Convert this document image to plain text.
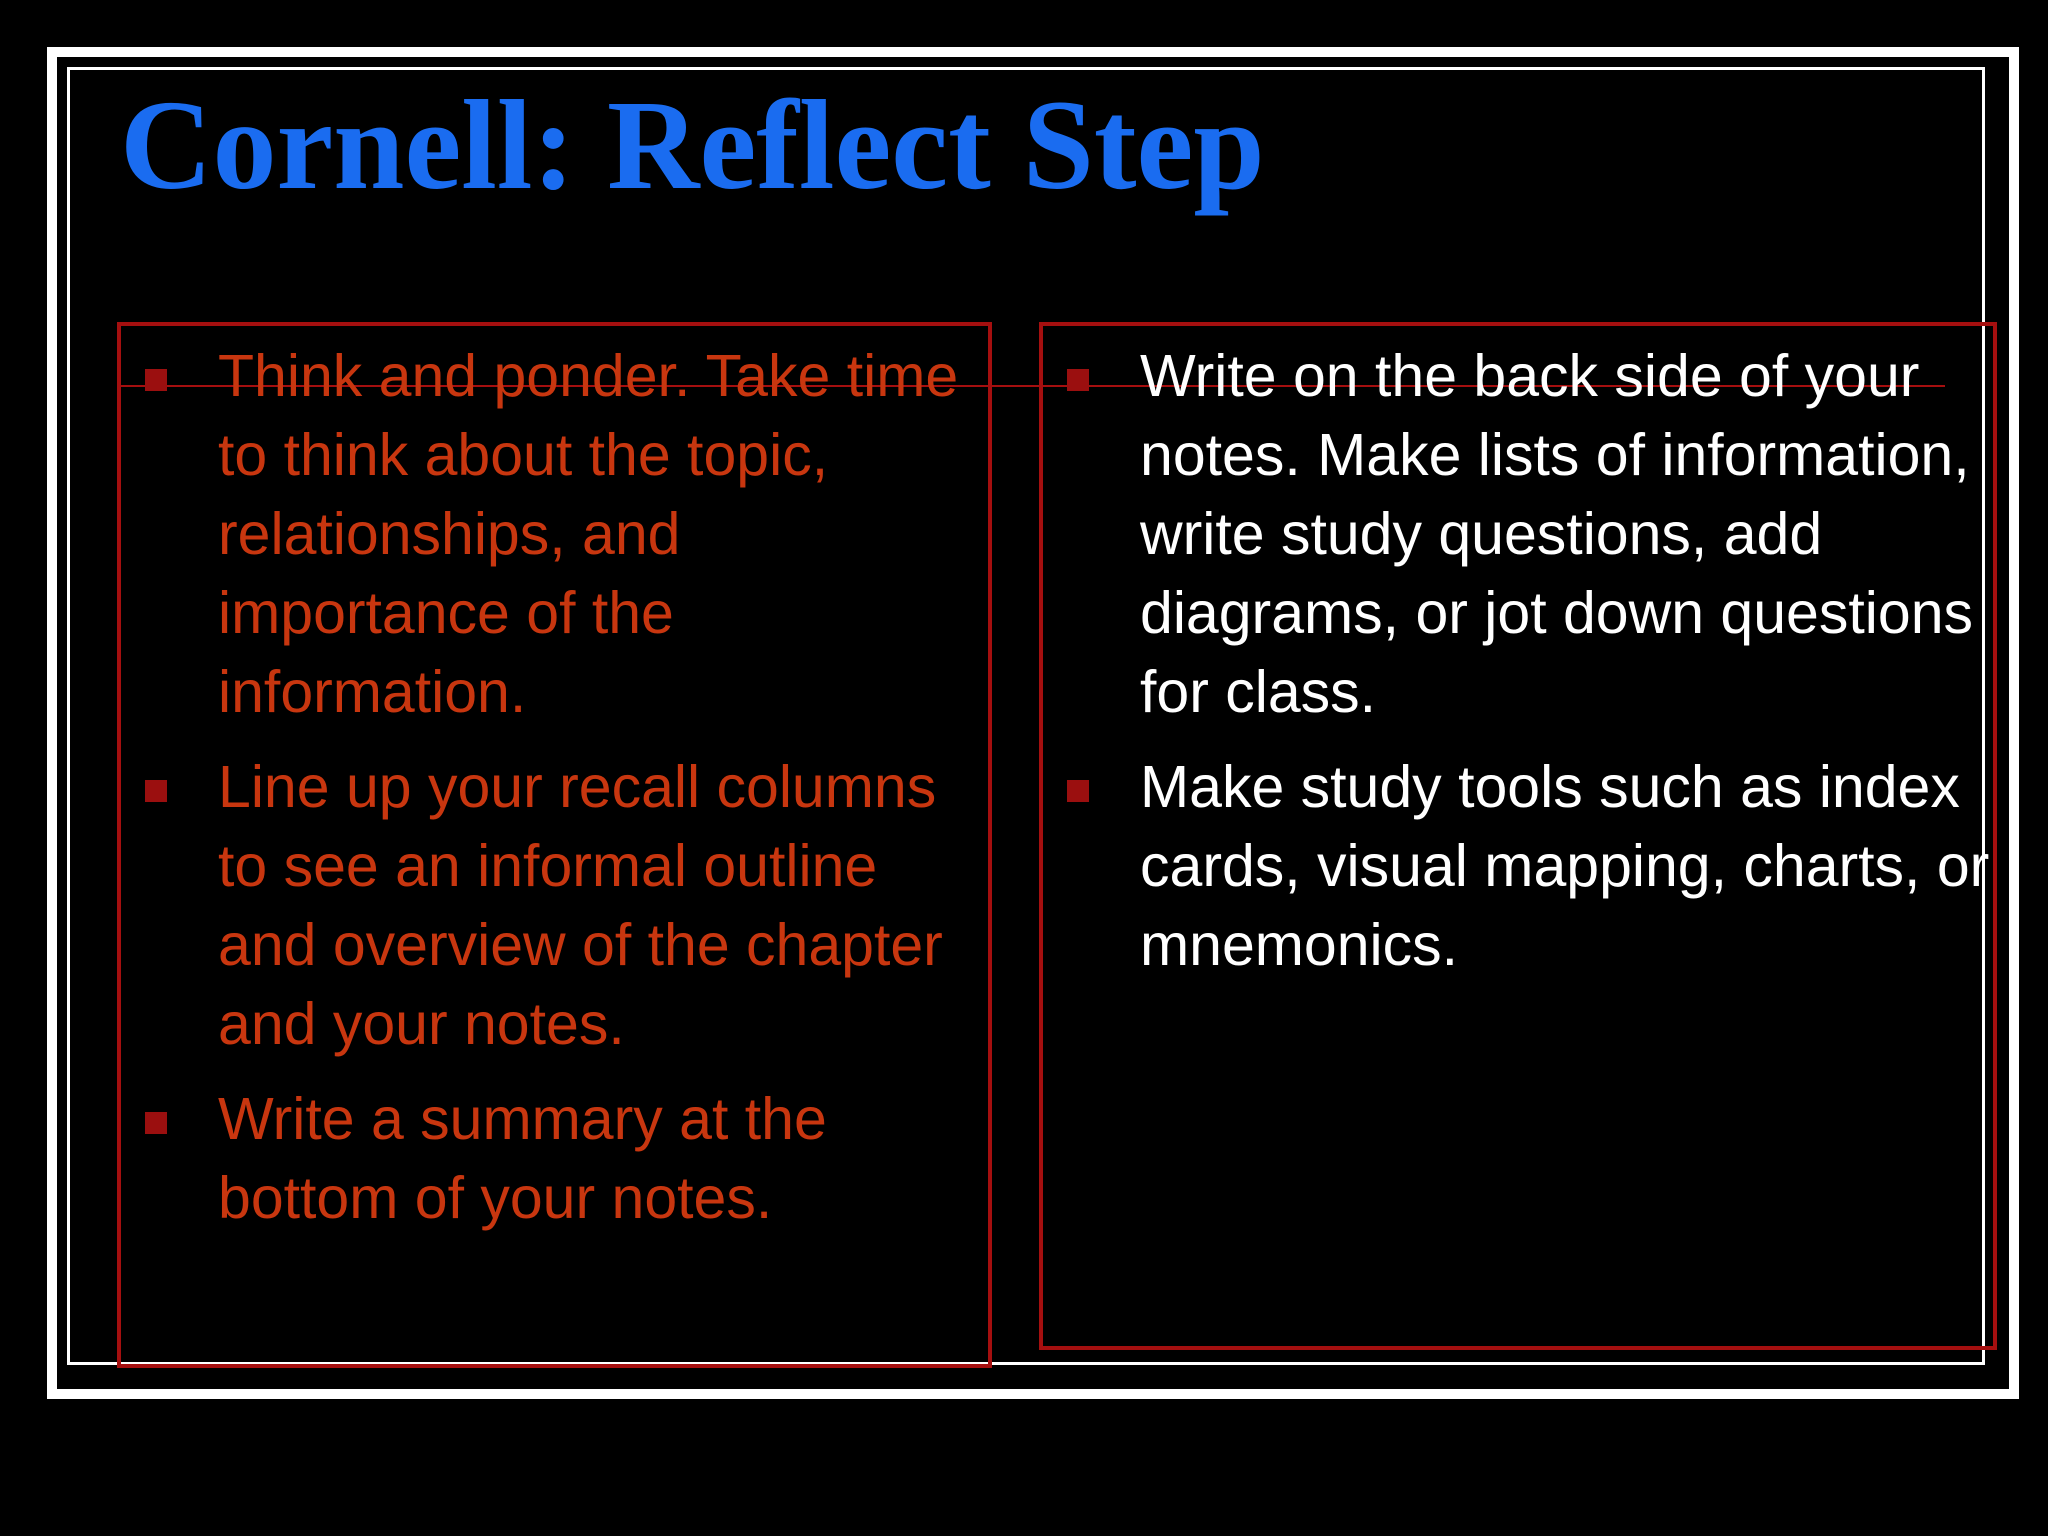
Cornell: Reflect Step
Think and ponder. Take time to think about the topic, relationships, and importance of the information.
Line up your recall columns to see an informal outline and overview of the chapter and your notes.
Write a summary at the bottom of your notes.
Write on the back side of your notes. Make lists of information, write study questions, add diagrams, or jot down questions for class.
Make study tools such as index cards, visual mapping, charts, or mnemonics.
